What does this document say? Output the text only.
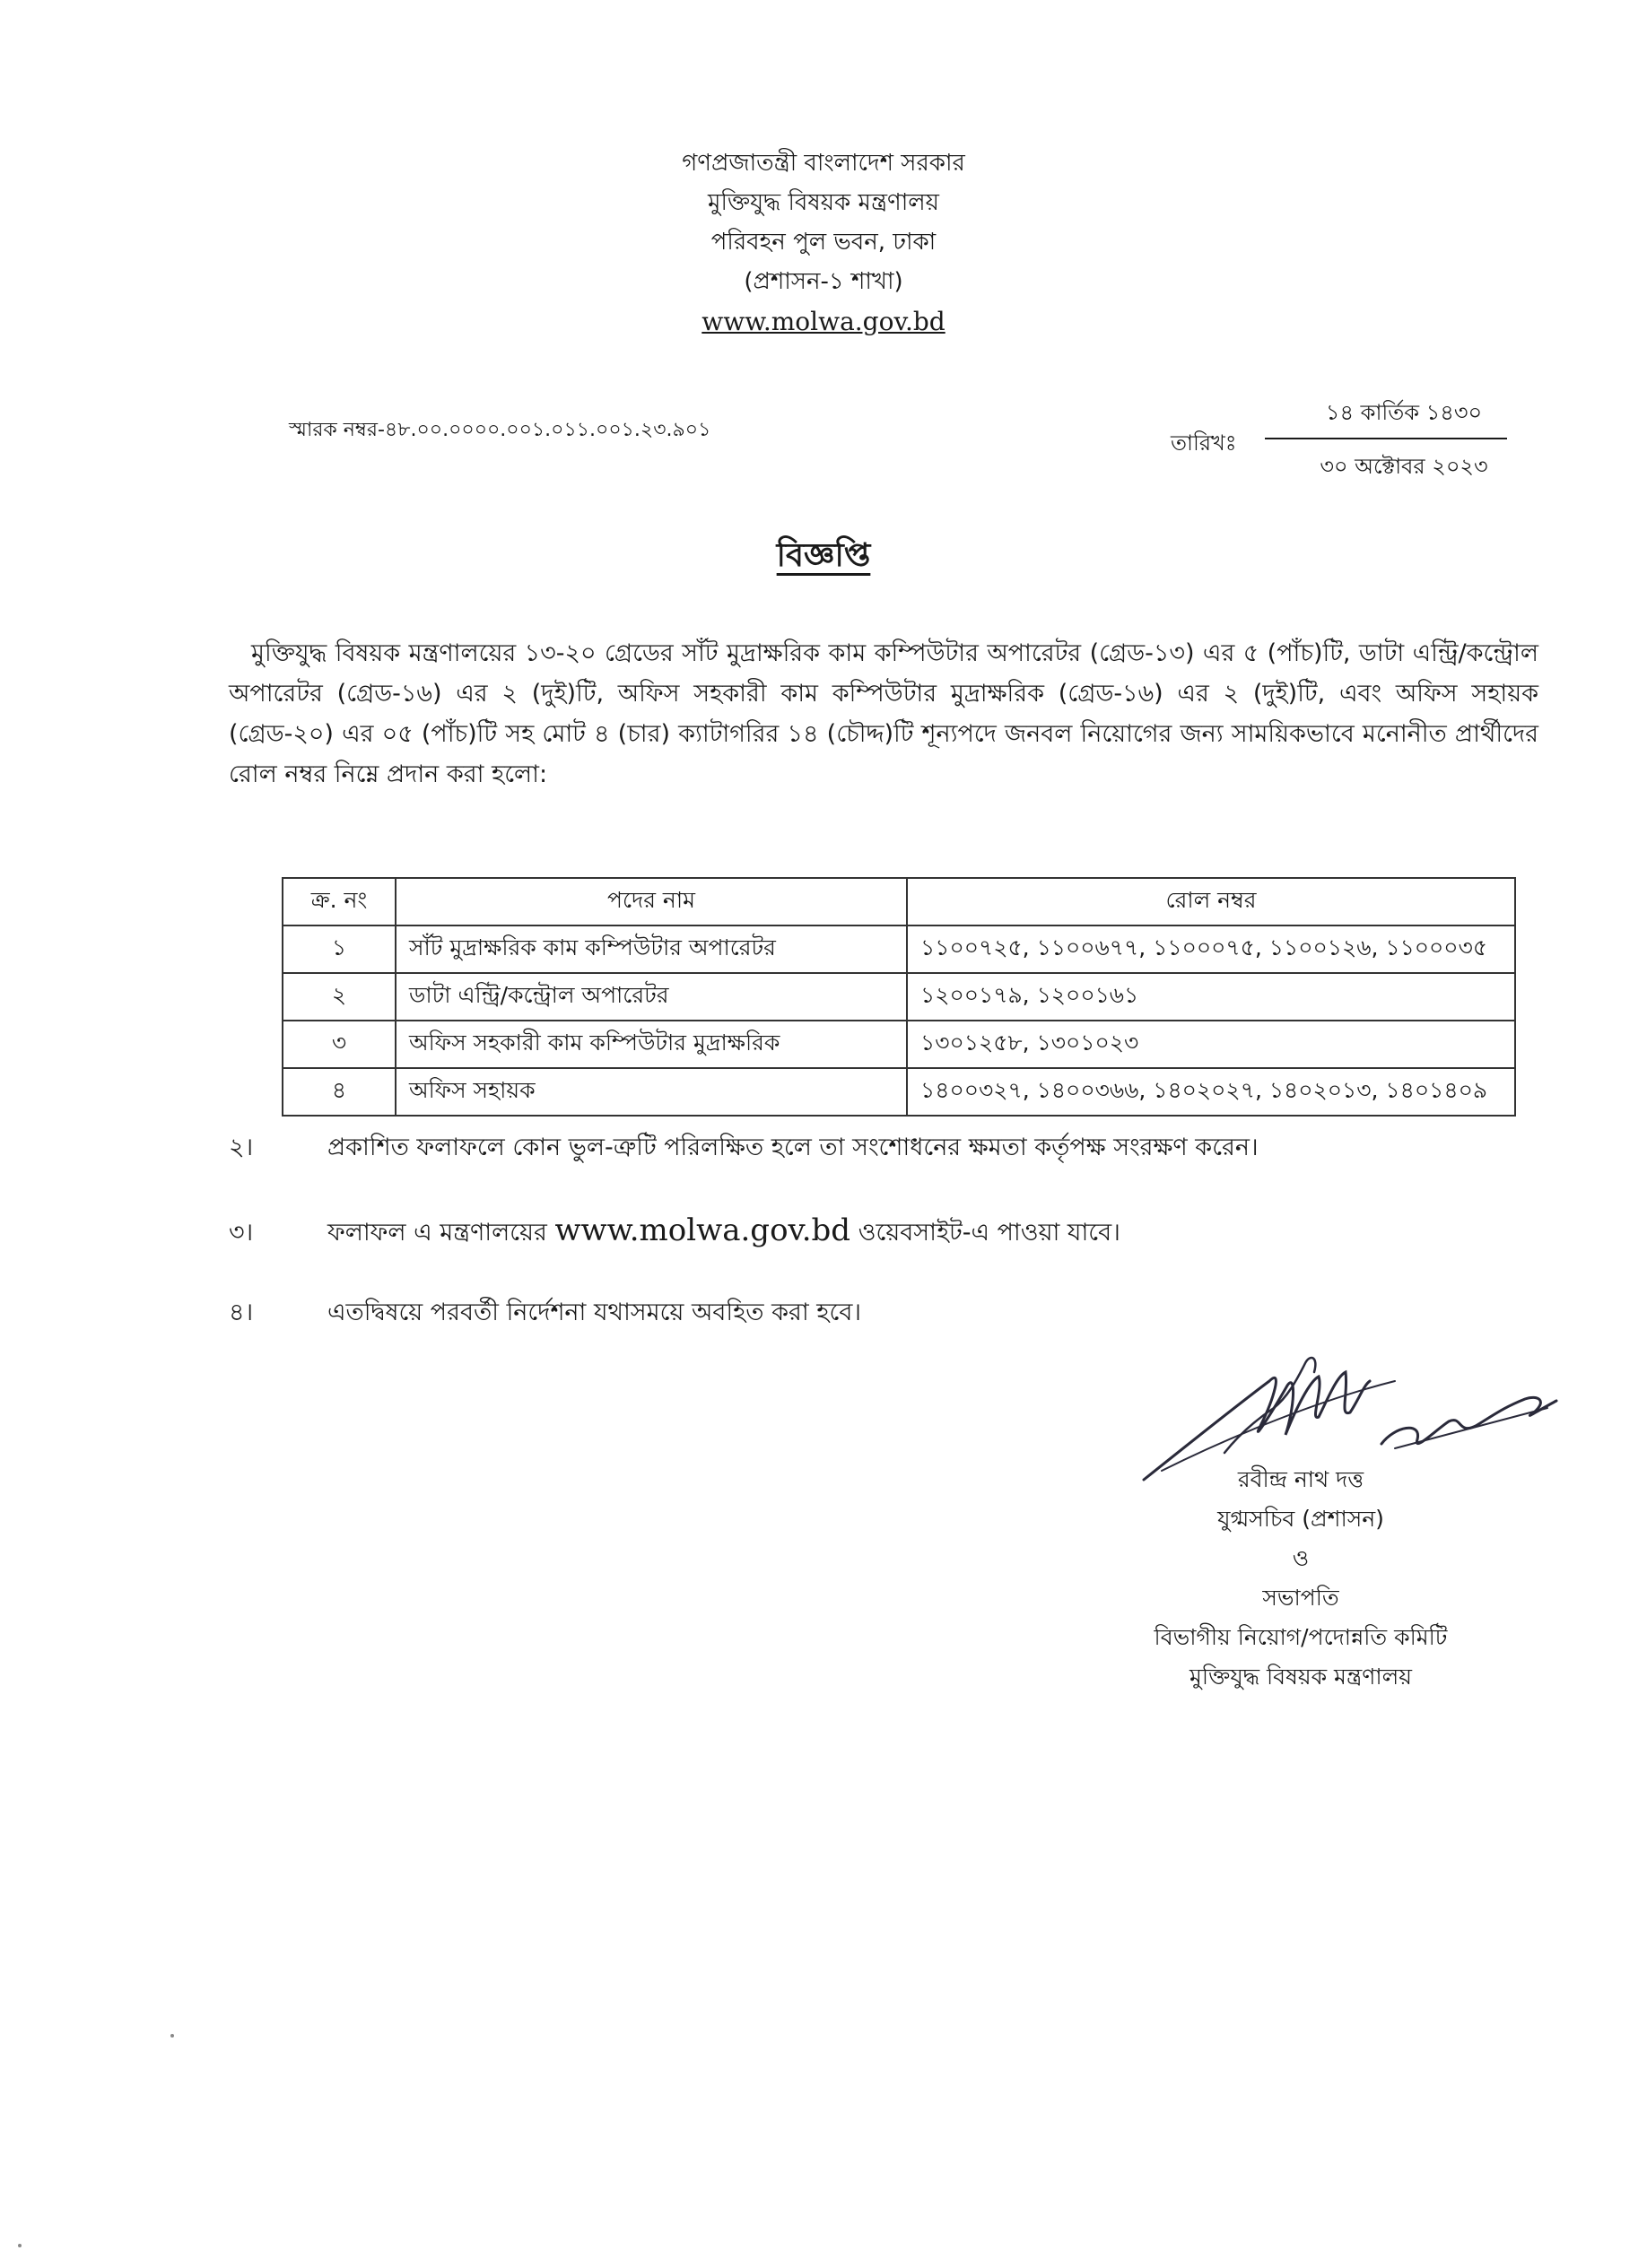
গণপ্রজাতন্ত্রী বাংলাদেশ সরকার
মুক্তিযুদ্ধ বিষয়ক মন্ত্রণালয়
পরিবহন পুল ভবন, ঢাকা
(প্রশাসন-১ শাখা)
www.molwa.gov.bd
স্মারক নম্বর-৪৮.০০.০০০০.০০১.০১১.০০১.২৩.৯০১
তারিখঃ
১৪ কার্তিক ১৪৩০
৩০ অক্টোবর ২০২৩
বিজ্ঞপ্তি
মুক্তিযুদ্ধ বিষয়ক মন্ত্রণালয়ের ১৩-২০ গ্রেডের সাঁট মুদ্রাক্ষরিক কাম কম্পিউটার অপারেটর (গ্রেড-১৩) এর ৫ (পাঁচ)টি, ডাটা এন্ট্রি/কন্ট্রোল অপারেটর (গ্রেড-১৬) এর ২ (দুই)টি, অফিস সহকারী কাম কম্পিউটার মুদ্রাক্ষরিক (গ্রেড-১৬) এর ২ (দুই)টি, এবং অফিস সহায়ক (গ্রেড-২০) এর ০৫ (পাঁচ)টি সহ মোট ৪ (চার) ক্যাটাগরির ১৪ (চৌদ্দ)টি শূন্যপদে জনবল নিয়োগের জন্য সাময়িকভাবে মনোনীত প্রার্থীদের রোল নম্বর নিম্নে প্রদান করা হলো:
ক্র. নং	পদের নাম	রোল নম্বর
১	সাঁট মুদ্রাক্ষরিক কাম কম্পিউটার অপারেটর	১১০০৭২৫, ১১০০৬৭৭, ১১০০০৭৫, ১১০০১২৬, ১১০০০৩৫
২	ডাটা এন্ট্রি/কন্ট্রোল অপারেটর	১২০০১৭৯, ১২০০১৬১
৩	অফিস সহকারী কাম কম্পিউটার মুদ্রাক্ষরিক	১৩০১২৫৮, ১৩০১০২৩
৪	অফিস সহায়ক	১৪০০৩২৭, ১৪০০৩৬৬, ১৪০২০২৭, ১৪০২০১৩, ১৪০১৪০৯
২।	প্রকাশিত ফলাফলে কোন ভুল-ত্রুটি পরিলক্ষিত হলে তা সংশোধনের ক্ষমতা কর্তৃপক্ষ সংরক্ষণ করেন।
৩।	ফলাফল এ মন্ত্রণালয়ের www.molwa.gov.bd ওয়েবসাইট-এ পাওয়া যাবে।
৪।	এতদ্বিষয়ে পরবর্তী নির্দেশনা যথাসময়ে অবহিত করা হবে।
রবীন্দ্র নাথ দত্ত
যুগ্মসচিব (প্রশাসন)
ও
সভাপতি
বিভাগীয় নিয়োগ/পদোন্নতি কমিটি
মুক্তিযুদ্ধ বিষয়ক মন্ত্রণালয়
